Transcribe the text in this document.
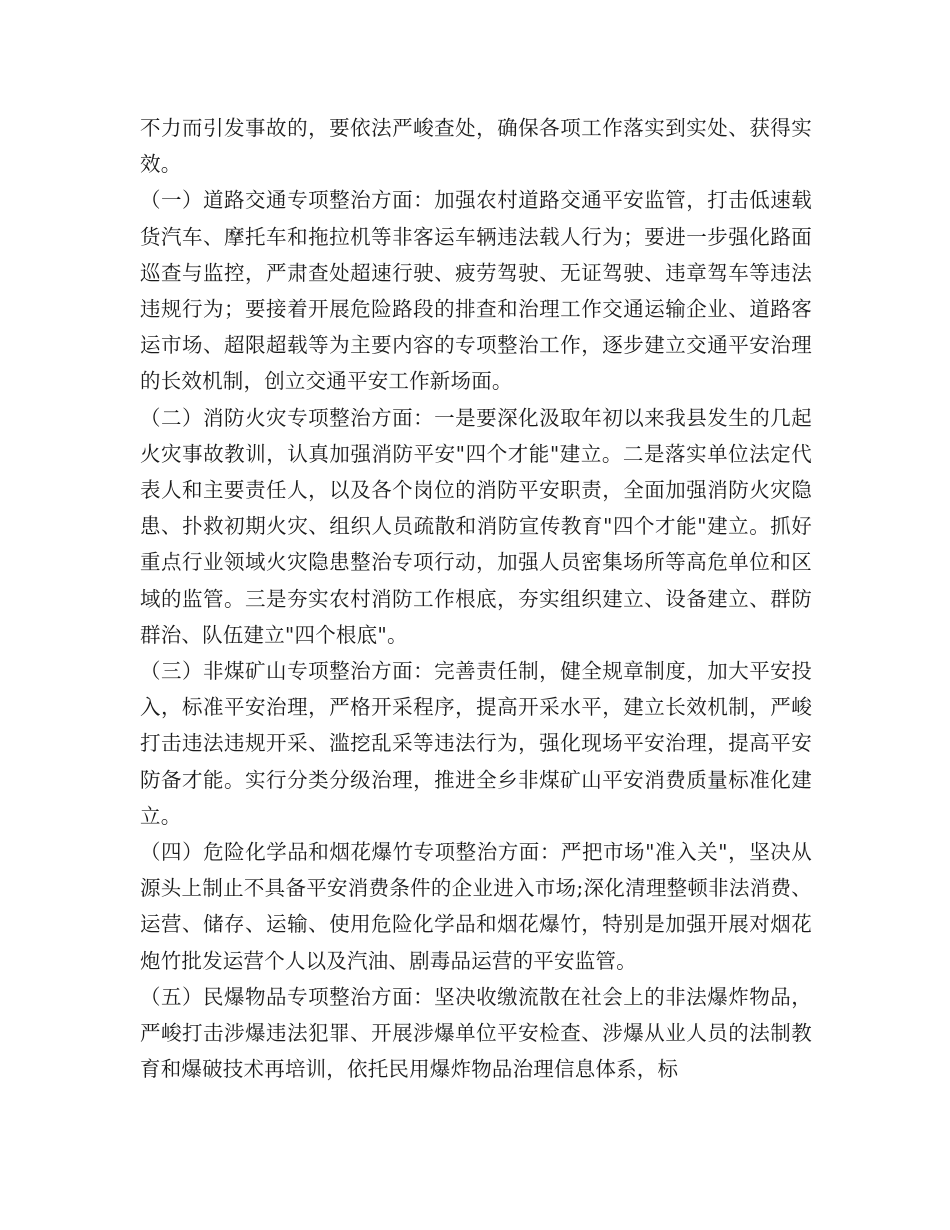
不力而引发事故的，要依法严峻查处，确保各项工作落实到实处、获得实效。

（一）道路交通专项整治方面：加强农村道路交通平安监管，打击低速载货汽车、摩托车和拖拉机等非客运车辆违法载人行为；要进一步强化路面巡查与监控，严肃查处超速行驶、疲劳驾驶、无证驾驶、违章驾车等违法违规行为；要接着开展危险路段的排查和治理工作交通运输企业、道路客运市场、超限超载等为主要内容的专项整治工作，逐步建立交通平安治理的长效机制，创立交通平安工作新场面。

（二）消防火灾专项整治方面：一是要深化汲取年初以来我县发生的几起火灾事故教训，认真加强消防平安"四个才能"建立。二是落实单位法定代表人和主要责任人，以及各个岗位的消防平安职责，全面加强消防火灾隐患、扑救初期火灾、组织人员疏散和消防宣传教育"四个才能"建立。抓好重点行业领域火灾隐患整治专项行动，加强人员密集场所等高危单位和区域的监管。三是夯实农村消防工作根底，夯实组织建立、设备建立、群防群治、队伍建立"四个根底"。

（三）非煤矿山专项整治方面：完善责任制，健全规章制度，加大平安投入，标准平安治理，严格开采程序，提高开采水平，建立长效机制，严峻打击违法违规开采、滥挖乱采等违法行为，强化现场平安治理，提高平安防备才能。实行分类分级治理，推进全乡非煤矿山平安消费质量标准化建立。

（四）危险化学品和烟花爆竹专项整治方面：严把市场"准入关"，坚决从源头上制止不具备平安消费条件的企业进入市场;深化清理整顿非法消费、运营、储存、运输、使用危险化学品和烟花爆竹，特别是加强开展对烟花炮竹批发运营个人以及汽油、剧毒品运营的平安监管。

（五）民爆物品专项整治方面：坚决收缴流散在社会上的非法爆炸物品，严峻打击涉爆违法犯罪、开展涉爆单位平安检查、涉爆从业人员的法制教育和爆破技术再培训，依托民用爆炸物品治理信息体系，标
